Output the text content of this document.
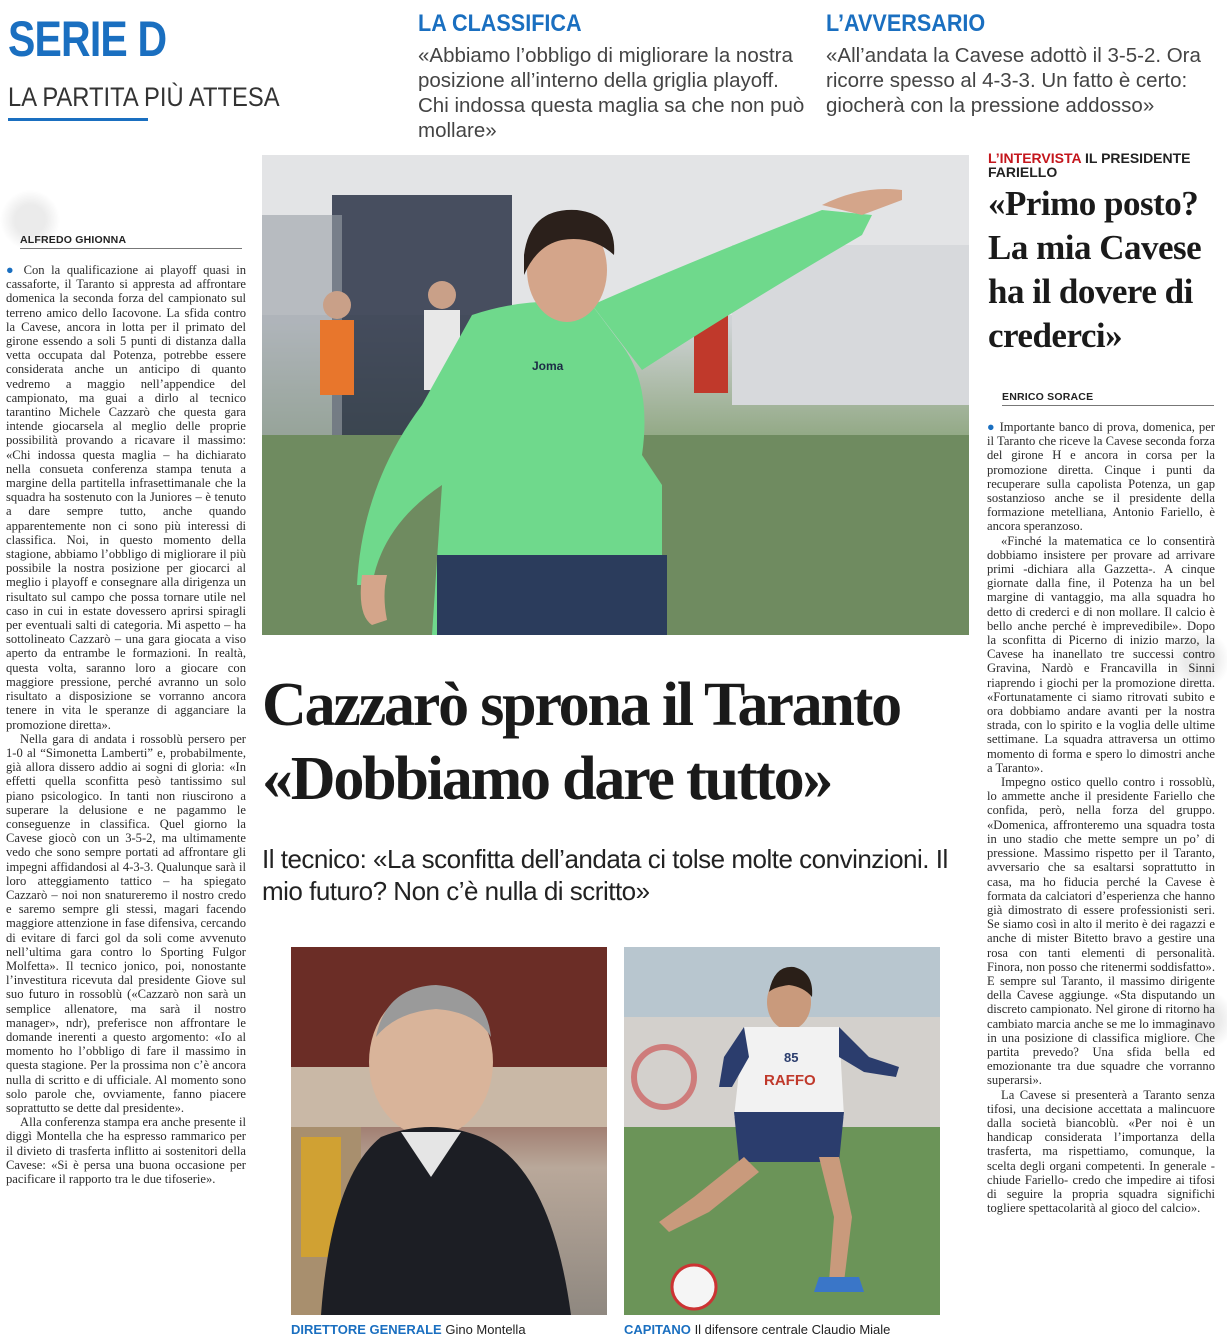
SERIE D
LA PARTITA PIÙ ATTESA
LA CLASSIFICA
«Abbiamo l’obbligo di migliorare la nostra posizione all’interno della griglia playoff. Chi indossa questa maglia sa che non può mollare»
L’AVVERSARIO
«All’andata la Cavese adottò il 3-5-2. Ora ricorre spesso al 4-3-3. Un fatto è certo: giocherà con la pressione addosso»
ALFREDO GHIONNA

● Con la qualificazione ai playoff quasi in cassaforte, il Taranto si appresta ad affrontare domenica la seconda forza del campionato sul terreno amico dello Iacovone. La sfida contro la Cavese, ancora in lotta per il primato del girone essendo a soli 5 punti di distanza dalla vetta occupata dal Potenza, potrebbe essere considerata anche un anticipo di quanto vedremo a maggio nell’appendice del campionato, ma guai a dirlo al tecnico tarantino Michele Cazzarò che questa gara intende giocarsela al meglio delle proprie possibilità provando a ricavare il massimo: «Chi indossa questa maglia – ha dichiarato nella consueta conferenza stampa tenuta a margine della partitella infrasettimanale che la squadra ha sostenuto con la Juniores – è tenuto a dare sempre tutto, anche quando apparentemente non ci sono più interessi di classifica. Noi, in questo momento della stagione, abbiamo l’obbligo di migliorare il più possibile la nostra posizione per giocarci al meglio i playoff e consegnare alla dirigenza un risultato sul campo che possa tornare utile nel caso in cui in estate dovessero aprirsi spiragli per eventuali salti di categoria. Mi aspetto – ha sottolineato Cazzarò – una gara giocata a viso aperto da entrambe le formazioni. In realtà, questa volta, saranno loro a giocare con maggiore pressione, perché avranno un solo risultato a disposizione se vorranno ancora tenere in vita le speranze di agganciare la promozione diretta».

Nella gara di andata i rossoblù persero per 1-0 al “Simonetta Lamberti” e, probabilmente, già allora dissero addio ai sogni di gloria: «In effetti quella sconfitta pesò tantissimo sul piano psicologico. In tanti non riuscirono a superare la delusione e ne pagammo le conseguenze in classifica. Quel giorno la Cavese giocò con un 3-5-2, ma ultimamente vedo che sono sempre portati ad affrontare gli impegni affidandosi al 4-3-3. Qualunque sarà il loro atteggiamento tattico – ha spiegato Cazzarò – noi non snatureremo il nostro credo e saremo sempre gli stessi, magari facendo maggiore attenzione in fase difensiva, cercando di evitare di farci gol da soli come avvenuto nell’ultima gara contro lo Sporting Fulgor Molfetta». Il tecnico jonico, poi, nonostante l’investitura ricevuta dal presidente Giove sul suo futuro in rossoblù («Cazzarò non sarà un semplice allenatore, ma sarà il nostro manager», ndr), preferisce non affrontare le domande inerenti a questo argomento: «Io al momento ho l’obbligo di fare il massimo in questa stagione. Per la prossima non c’è ancora nulla di scritto e di ufficiale. Al momento sono solo parole che, ovviamente, fanno piacere soprattutto se dette dal presidente».

Alla conferenza stampa era anche presente il diggì Montella che ha espresso rammarico per il divieto di trasferta inflitto ai sostenitori della Cavese: «Si è persa una buona occasione per pacificare il rapporto tra le due tifoserie».

Joma
L’INTERVISTA IL PRESIDENTE FARIELLO
«Primo posto? La mia Cavese ha il dovere di crederci»
ENRICO SORACE

● Importante banco di prova, domenica, per il Taranto che riceve la Cavese seconda forza del girone H e ancora in corsa per la promozione diretta. Cinque i punti da recuperare sulla capolista Potenza, un gap sostanzioso anche se il presidente della formazione metelliana, Antonio Fariello, è ancora speranzoso.

«Finché la matematica ce lo consentirà dobbiamo insistere per provare ad arrivare primi -dichiara alla Gazzetta-. A cinque giornate dalla fine, il Potenza ha un bel margine di vantaggio, ma alla squadra ho detto di crederci e di non mollare. Il calcio è bello anche perché è imprevedibile». Dopo la sconfitta di Picerno di inizio marzo, la Cavese ha inanellato tre successi contro Gravina, Nardò e Francavilla in Sinni riaprendo i giochi per la promozione diretta. «Fortunatamente ci siamo ritrovati subito e ora dobbiamo andare avanti per la nostra strada, con lo spirito e la voglia delle ultime settimane. La squadra attraversa un ottimo momento di forma e spero lo dimostri anche a Taranto».

Impegno ostico quello contro i rossoblù, lo ammette anche il presidente Fariello che confida, però, nella forza del gruppo. «Domenica, affronteremo una squadra tosta in uno stadio che mette sempre un po’ di pressione. Massimo rispetto per il Taranto, avversario che sa esaltarsi soprattutto in casa, ma ho fiducia perché la Cavese è formata da calciatori d’esperienza che hanno già dimostrato di essere professionisti seri. Se siamo così in alto il merito è dei ragazzi e anche di mister Bitetto bravo a gestire una rosa con tanti elementi di personalità. Finora, non posso che ritenermi soddisfatto». E sempre sul Taranto, il massimo dirigente della Cavese aggiunge. «Sta disputando un discreto campionato. Nel girone di ritorno ha cambiato marcia anche se me lo immaginavo in una posizione di classifica migliore. Che partita prevedo? Una sfida bella ed emozionante tra due squadre che vorranno superarsi».

La Cavese si presenterà a Taranto senza tifosi, una decisione accettata a malincuore dalla società biancoblù. «Per noi è un handicap considerata l’importanza della trasferta, ma rispettiamo, comunque, la scelta degli organi competenti. In generale -chiude Fariello- credo che impedire ai tifosi di seguire la propria squadra significhi togliere spettacolarità al gioco del calcio».

Cazzarò sprona il Taranto
«Dobbiamo dare tutto»
Il tecnico: «La sconfitta dell’andata ci tolse molte convinzioni. Il mio futuro? Non c’è nulla di scritto»
DIRETTORE GENERALE Gino Montella
85
RAFFO
CAPITANO Il difensore centrale Claudio Miale
